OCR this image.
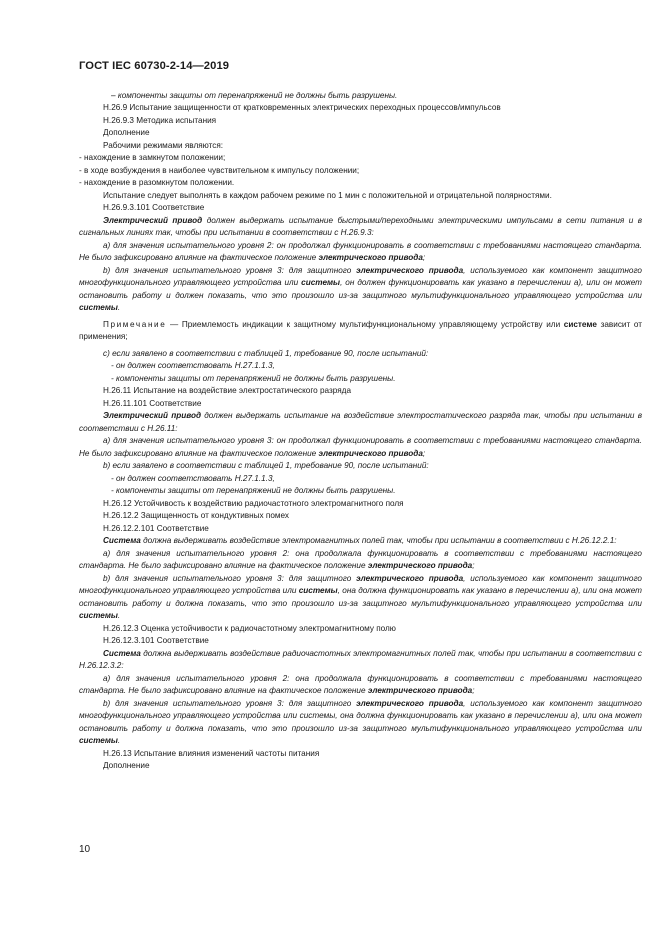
ГОСТ IEC 60730-2-14—2019

– компоненты защиты от перенапряжений не должны быть разрушены.

H.26.9 Испытание защищенности от кратковременных электрических переходных процессов/импульсов

H.26.9.3 Методика испытания

Дополнение

Рабочими режимами являются:

- нахождение в замкнутом положении;

- в ходе возбуждения в наиболее чувствительном к импульсу положении;

- нахождение в разомкнутом положении.

Испытание следует выполнять в каждом рабочем режиме по 1 мин с положительной и отрицательной полярностями.

H.26.9.3.101 Соответствие

Электрический привод должен выдержать испытание быстрыми/переходными электрическими импульсами в сети питания и в сигнальных линиях так, чтобы при испытании в соответствии с H.26.9.3:

а) для значения испытательного уровня 2: он продолжал функционировать в соответствии с требованиями настоящего стандарта. Не было зафиксировано влияние на фактическое положение электрического привода;

b) для значения испытательного уровня 3: для защитного электрического привода, используемого как компонент защитного многофункционального управляющего устройства или системы, он должен функционировать как указано в перечислении а), или он может остановить работу и должен показать, что это произошло из-за защитного мультифункционального управляющего устройства или системы.

Примечание — Приемлемость индикации к защитному мультифункциональному управляющему устройству или системе зависит от применения;

с) если заявлено в соответствии с таблицей 1, требование 90, после испытаний:

- он должен соответствовать H.27.1.1.3,

- компоненты защиты от перенапряжений не должны быть разрушены.

H.26.11 Испытание на воздействие электростатического разряда

H.26.11.101 Соответствие

Электрический привод должен выдержать испытание на воздействие электростатического разряда так, чтобы при испытании в соответствии с H.26.11:

а) для значения испытательного уровня 3: он продолжал функционировать в соответствии с требованиями настоящего стандарта. Не было зафиксировано влияние на фактическое положение электрического привода;

b) если заявлено в соответствии с таблицей 1, требование 90, после испытаний:

- он должен соответствовать H.27.1.1.3,

- компоненты защиты от перенапряжений не должны быть разрушены.

H.26.12 Устойчивость к воздействию радиочастотного электромагнитного поля

H.26.12.2 Защищенность от кондуктивных помех

H.26.12.2.101 Соответствие

Система должна выдерживать воздействие электромагнитных полей так, чтобы при испытании в соответствии с H.26.12.2.1:

а) для значения испытательного уровня 2: она продолжала функционировать в соответствии с требованиями настоящего стандарта. Не было зафиксировано влияние на фактическое положение электрического привода;

b) для значения испытательного уровня 3: для защитного электрического привода, используемого как компонент защитного многофункционального управляющего устройства или системы, она должна функционировать как указано в перечислении а), или она может остановить работу и должна показать, что это произошло из-за защитного мультифункционального управляющего устройства или системы.

H.26.12.3 Оценка устойчивости к радиочастотному электромагнитному полю

H.26.12.3.101 Соответствие

Система должна выдерживать воздействие радиочастотных электромагнитных полей так, чтобы при испытании в соответствии с H.26.12.3.2:

а) для значения испытательного уровня 2: она продолжала функционировать в соответствии с требованиями настоящего стандарта. Не было зафиксировано влияние на фактическое положение электрического привода;

b) для значения испытательного уровня 3: для защитного электрического привода, используемого как компонент защитного многофункционального управляющего устройства или системы, она должна функционировать как указано в перечислении а), или она может остановить работу и должна показать, что это произошло из-за защитного мультифункционального управляющего устройства или системы.

H.26.13 Испытание влияния изменений частоты питания

Дополнение

10
